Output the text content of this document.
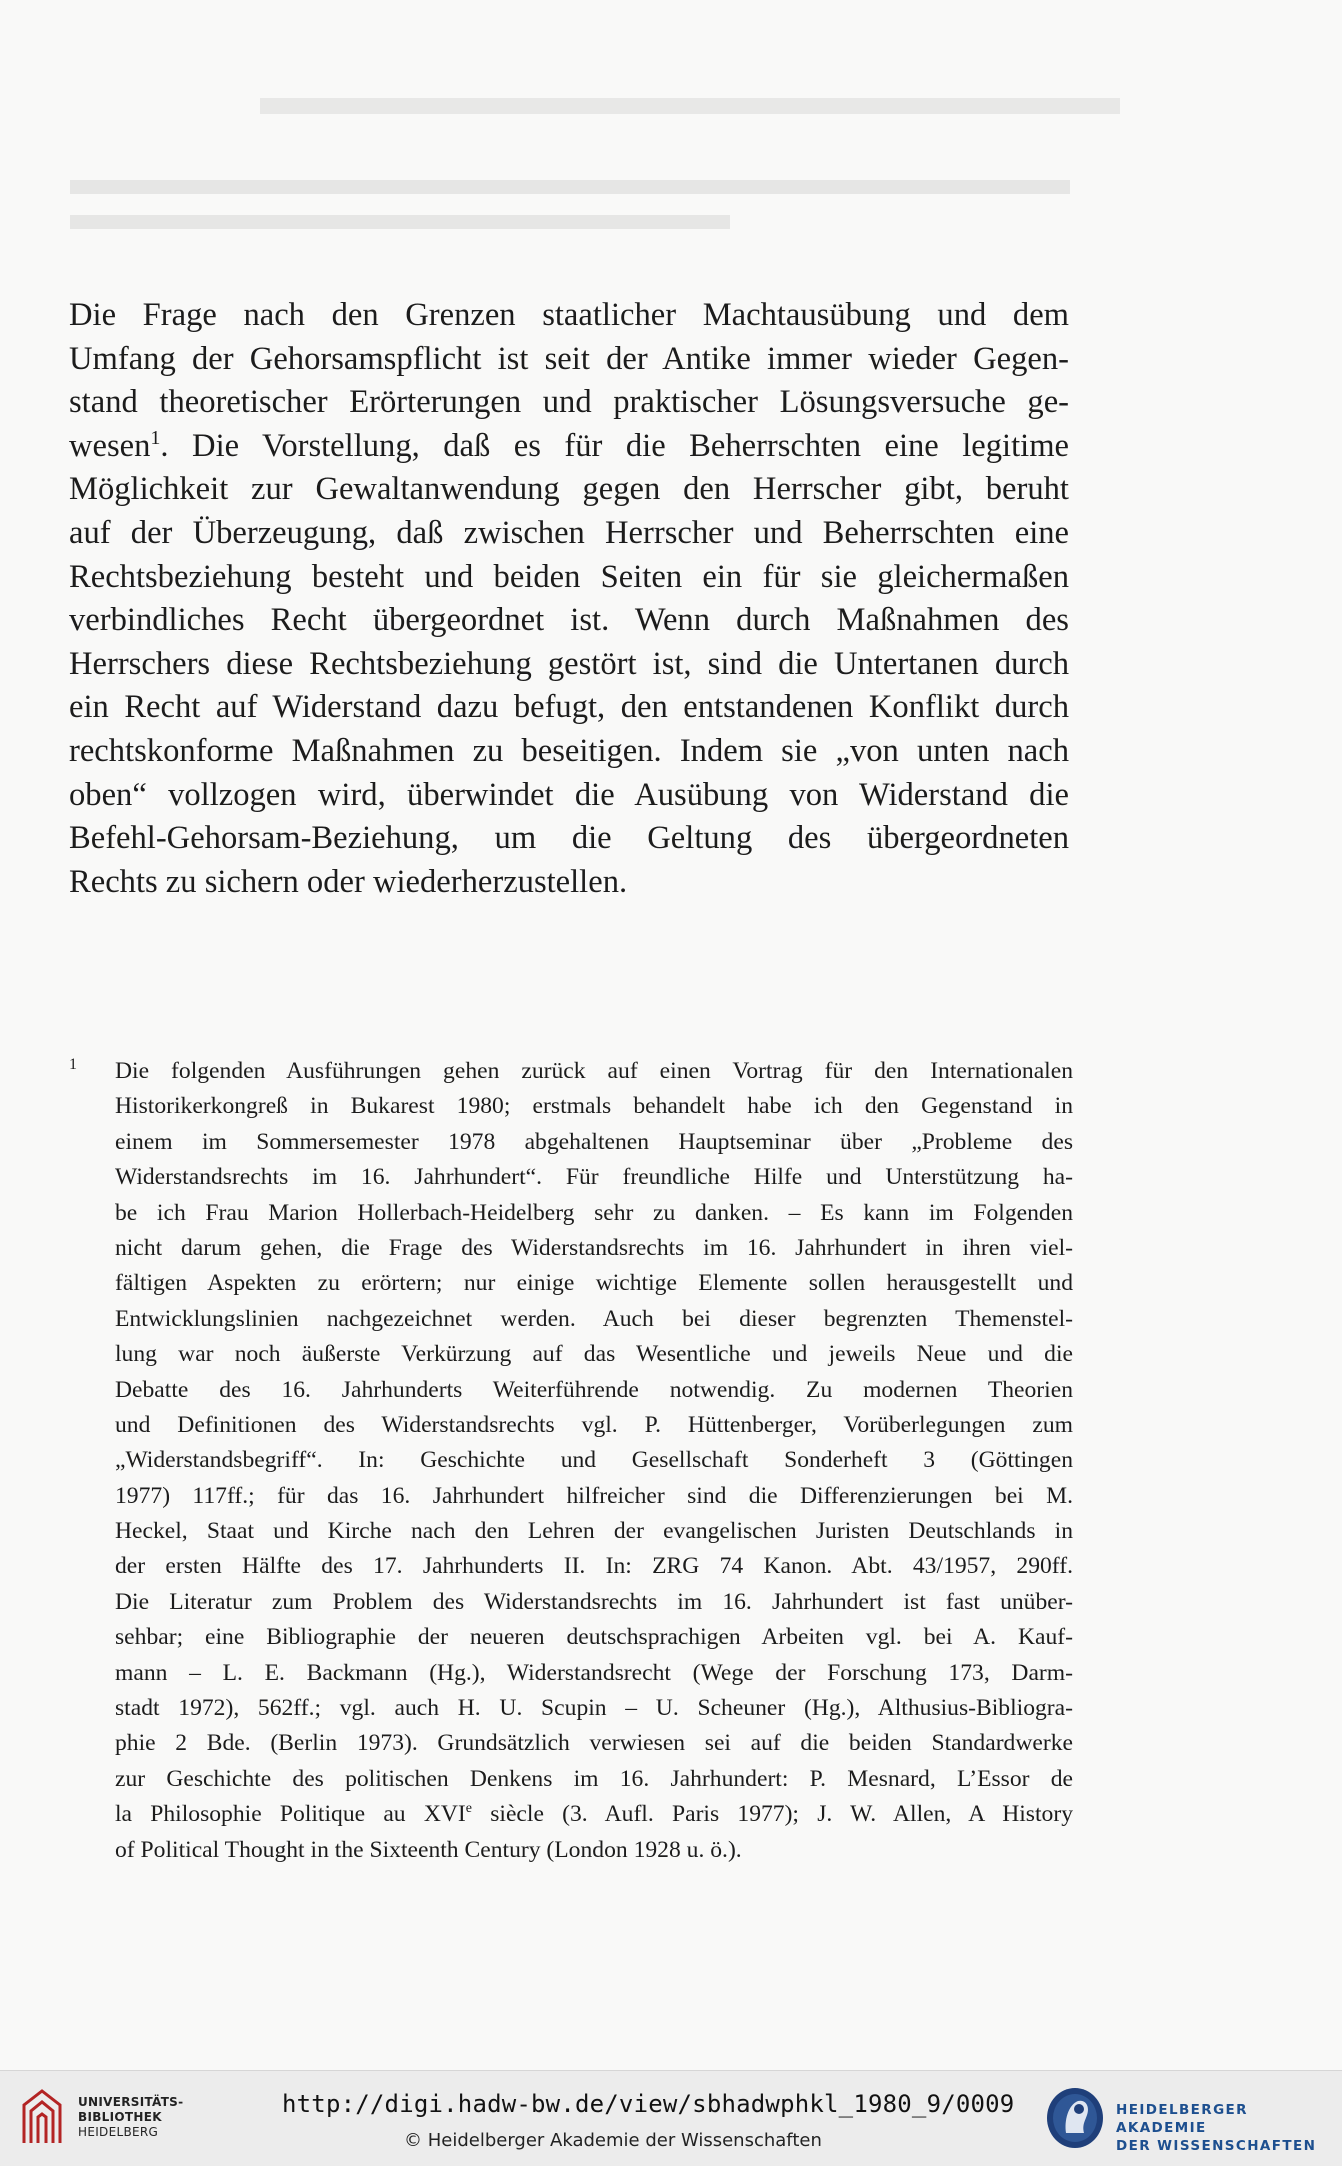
Die Frage nach den Grenzen staatlicher Machtausübung und dem
Umfang der Gehorsamspflicht ist seit der Antike immer wieder Gegen-
stand theoretischer Erörterungen und praktischer Lösungsversuche ge-
wesen$^1$. Die Vorstellung, daß es für die Beherrschten eine legitime
Möglichkeit zur Gewaltanwendung gegen den Herrscher gibt, beruht
auf der Überzeugung, daß zwischen Herrscher und Beherrschten eine
Rechtsbeziehung besteht und beiden Seiten ein für sie gleichermaßen
verbindliches Recht übergeordnet ist. Wenn durch Maßnahmen des
Herrschers diese Rechtsbeziehung gestört ist, sind die Untertanen durch
ein Recht auf Widerstand dazu befugt, den entstandenen Konflikt durch
rechtskonforme Maßnahmen zu beseitigen. Indem sie „von unten nach
oben“ vollzogen wird, überwindet die Ausübung von Widerstand die
Befehl-Gehorsam-Beziehung, um die Geltung des übergeordneten
Rechts zu sichern oder wiederherzustellen.
1 Die folgenden Ausführungen gehen zurück auf einen Vortrag für den Internationalen
Historikerkongreß in Bukarest 1980; erstmals behandelt habe ich den Gegenstand in
einem im Sommersemester 1978 abgehaltenen Hauptseminar über „Probleme des
Widerstandsrechts im 16. Jahrhundert“. Für freundliche Hilfe und Unterstützung ha-
be ich Frau Marion Hollerbach-Heidelberg sehr zu danken. – Es kann im Folgenden
nicht darum gehen, die Frage des Widerstandsrechts im 16. Jahrhundert in ihren viel-
fältigen Aspekten zu erörtern; nur einige wichtige Elemente sollen herausgestellt und
Entwicklungslinien nachgezeichnet werden. Auch bei dieser begrenzten Themenstel-
lung war noch äußerste Verkürzung auf das Wesentliche und jeweils Neue und die
Debatte des 16. Jahrhunderts Weiterführende notwendig. Zu modernen Theorien
und Definitionen des Widerstandsrechts vgl. P. Hüttenberger, Vorüberlegungen zum
„Widerstandsbegriff“. In: Geschichte und Gesellschaft Sonderheft 3 (Göttingen
1977) 117ff.; für das 16. Jahrhundert hilfreicher sind die Differenzierungen bei M.
Heckel, Staat und Kirche nach den Lehren der evangelischen Juristen Deutschlands in
der ersten Hälfte des 17. Jahrhunderts II. In: ZRG 74 Kanon. Abt. 43/1957, 290ff.
Die Literatur zum Problem des Widerstandsrechts im 16. Jahrhundert ist fast unüber-
sehbar; eine Bibliographie der neueren deutschsprachigen Arbeiten vgl. bei A. Kauf-
mann – L. E. Backmann (Hg.), Widerstandsrecht (Wege der Forschung 173, Darm-
stadt 1972), 562ff.; vgl. auch H. U. Scupin – U. Scheuner (Hg.), Althusius-Bibliogra-
phie 2 Bde. (Berlin 1973). Grundsätzlich verwiesen sei auf die beiden Standardwerke
zur Geschichte des politischen Denkens im 16. Jahrhundert: P. Mesnard, L’Essor de
la Philosophie Politique au XVIe siècle (3. Aufl. Paris 1977); J. W. Allen, A History
of Political Thought in the Sixteenth Century (London 1928 u. ö.).
UNIVERSITÄTS-
BIBLIOTHEK
HEIDELBERG
http://digi.hadw-bw.de/view/sbhadwphkl_1980_9/0009
© Heidelberger Akademie der Wissenschaften
HEIDELBERGER AKADEMIE
DER WISSENSCHAFTEN
